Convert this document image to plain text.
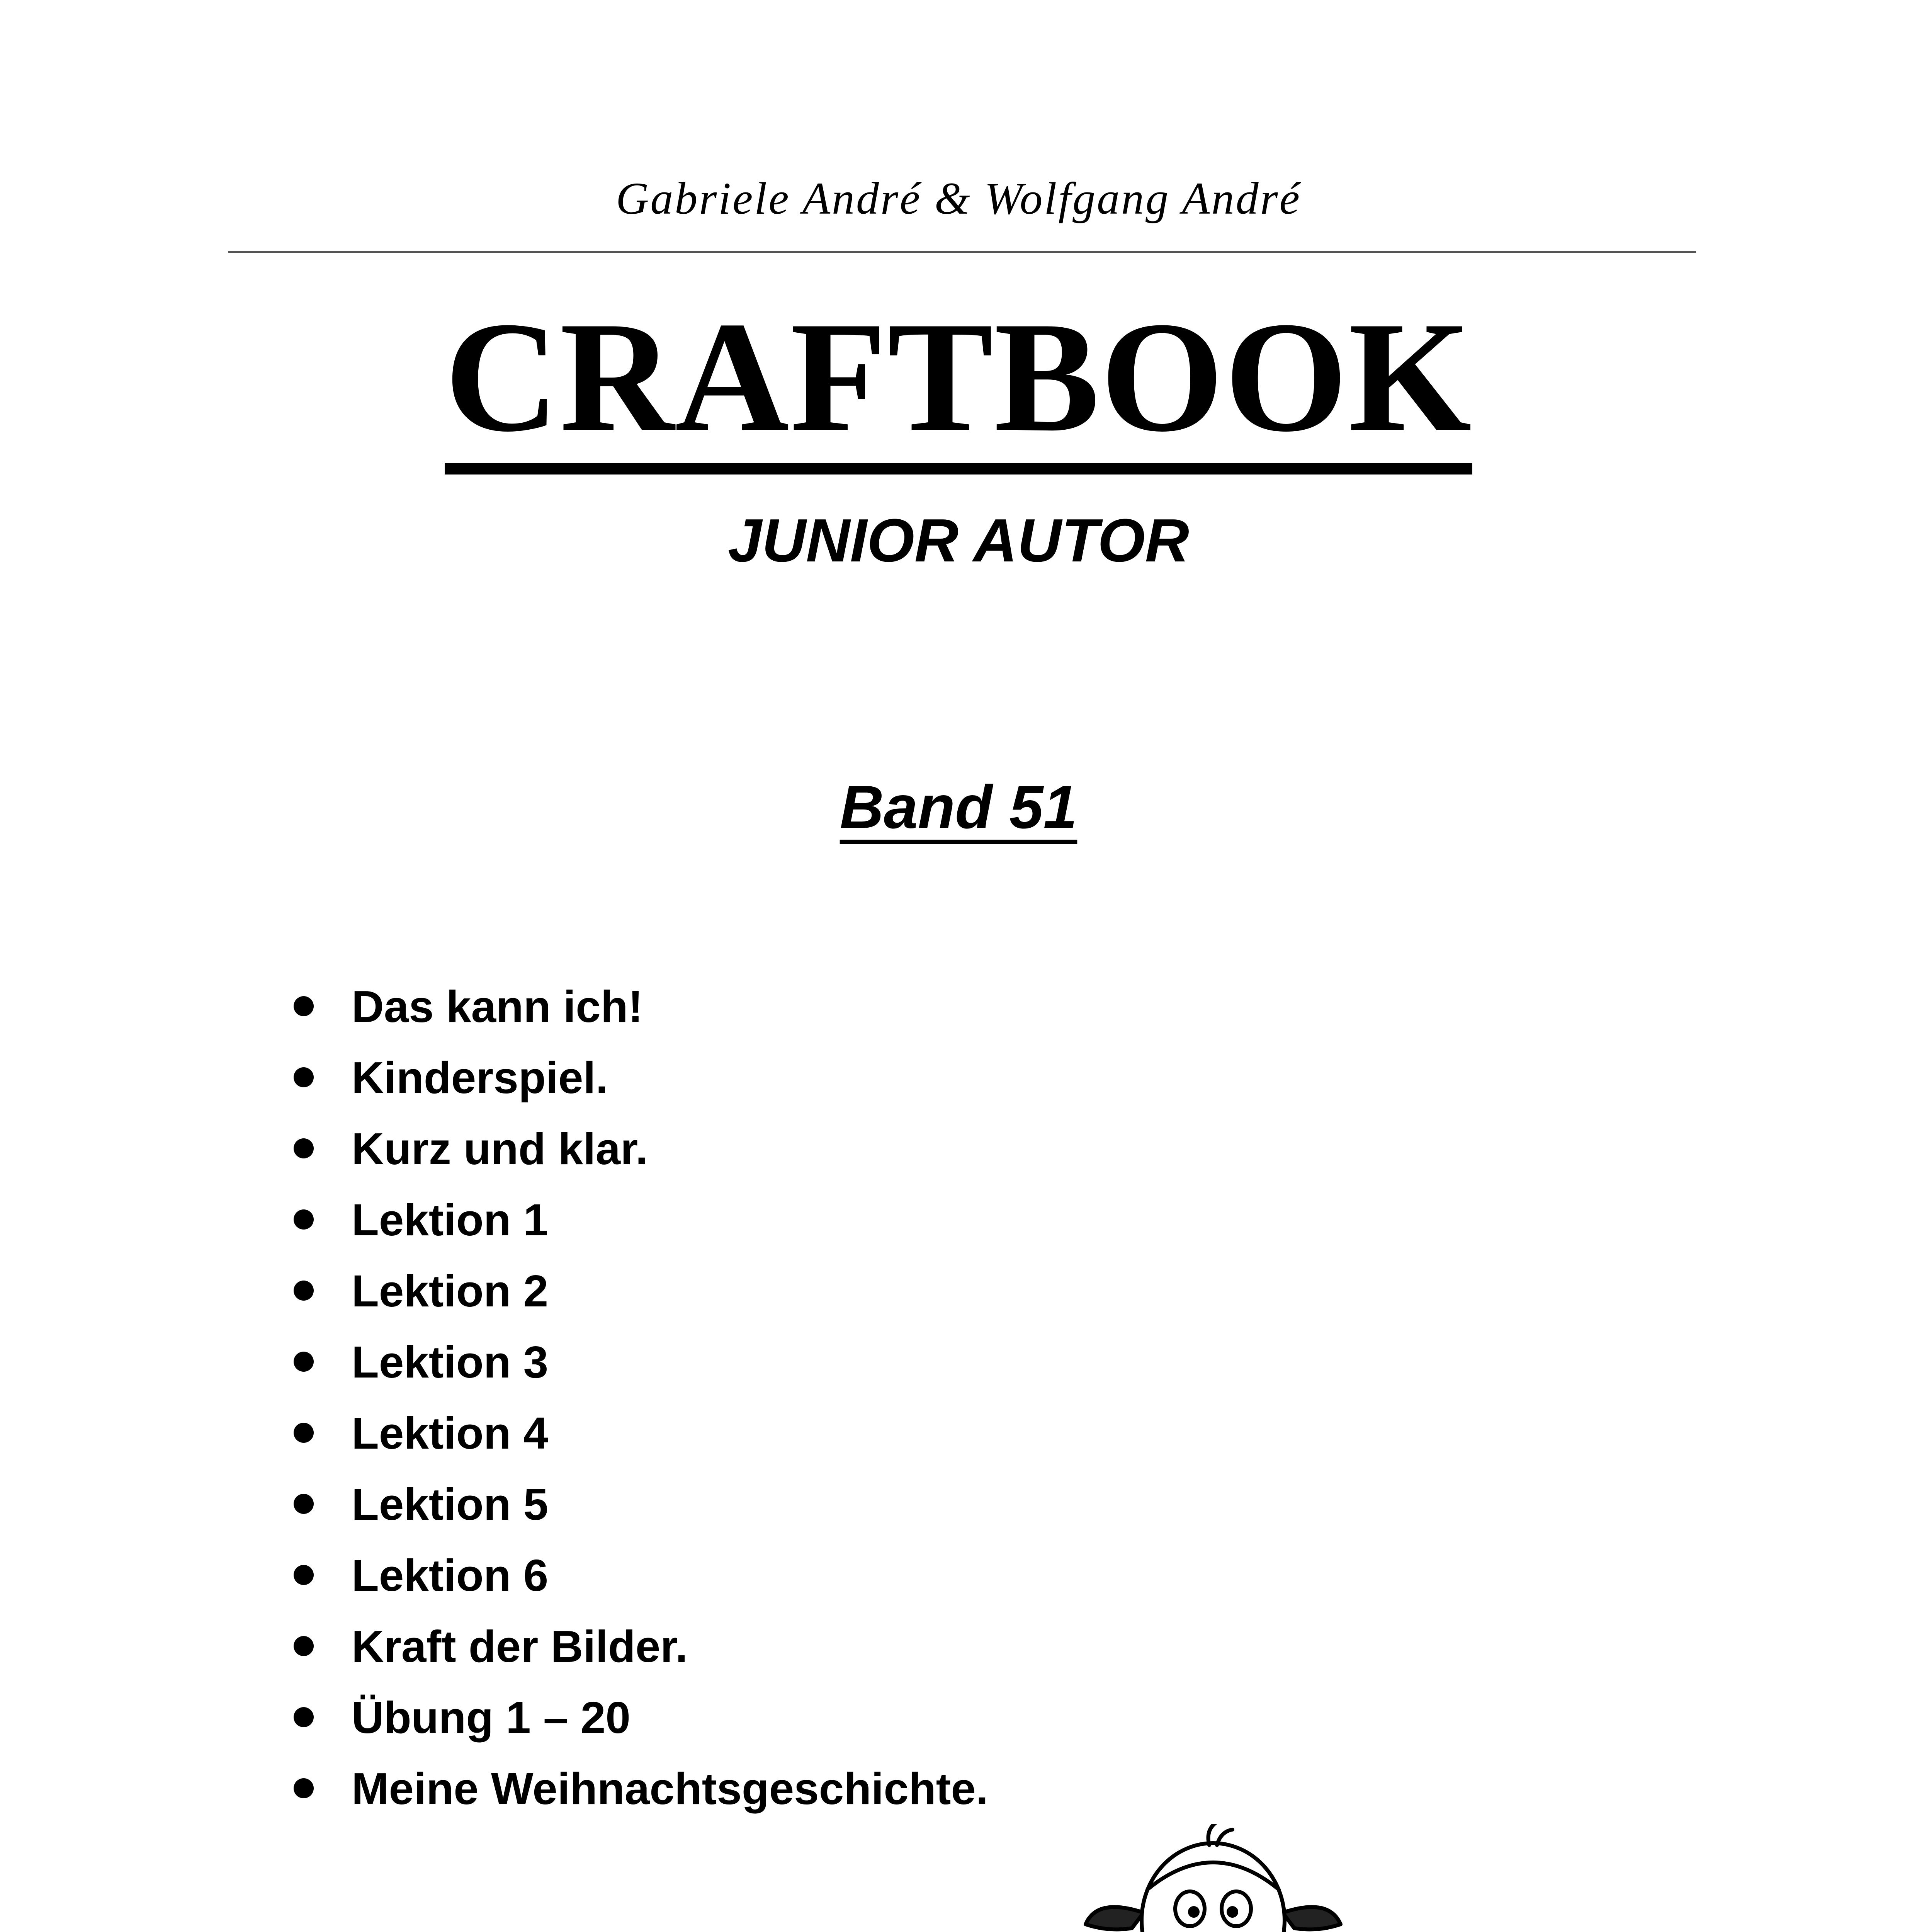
Gabriele André & Wolfgang André
CRAFTBOOK
JUNIOR AUTOR
Band 51
Das kann ich!
Kinderspiel.
Kurz und klar.
Lektion 1
Lektion 2
Lektion 3
Lektion 4
Lektion 5
Lektion 6
Kraft der Bilder.
Übung 1 – 20
Meine Weihnachtsgeschichte.
